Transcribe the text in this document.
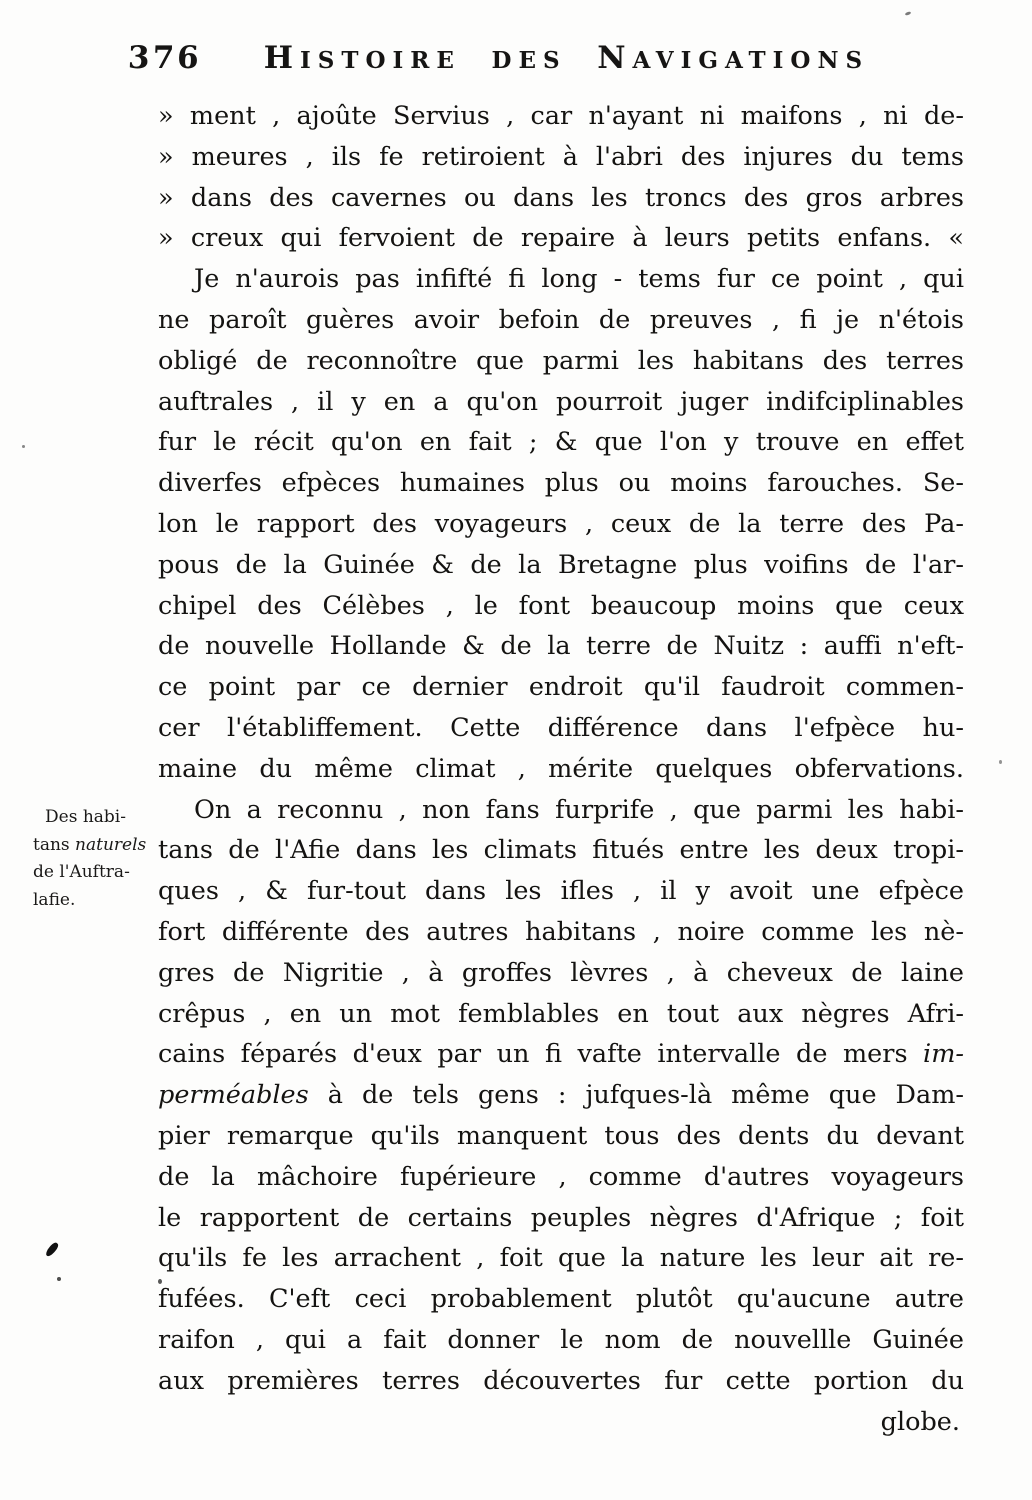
376 HISTOIRE DES NAVIGATIONS
Des habi-
tans naturels
de l'Auftra-
lafie.
» ment , ajoûte Servius , car n'ayant ni maifons , ni de-
» meures , ils fe retiroient à l'abri des injures du tems
» dans des cavernes ou dans les troncs des gros arbres
» creux qui fervoient de repaire à leurs petits enfans. «
Je n'aurois pas infifté fi long - tems fur ce point , qui
ne paroît guères avoir befoin de preuves , fi je n'étois
obligé de reconnoître que parmi les habitans des terres
auftrales , il y en a qu'on pourroit juger indifciplinables
fur le récit qu'on en fait ; & que l'on y trouve en effet
diverfes efpèces humaines plus ou moins farouches. Se-
lon le rapport des voyageurs , ceux de la terre des Pa-
pous de la Guinée & de la Bretagne plus voifins de l'ar-
chipel des Célèbes , le font beaucoup moins que ceux
de nouvelle Hollande & de la terre de Nuitz : auffi n'eft-
ce point par ce dernier endroit qu'il faudroit commen-
cer l'établiffement. Cette différence dans l'efpèce hu-
maine du même climat , mérite quelques obfervations.
On a reconnu , non fans furprife , que parmi les habi-
tans de l'Afie dans les climats fitués entre les deux tropi-
ques , & fur-tout dans les ifles , il y avoit une efpèce
fort différente des autres habitans , noire comme les nè-
gres de Nigritie , à groffes lèvres , à cheveux de laine
crêpus , en un mot femblables en tout aux nègres Afri-
cains féparés d'eux par un fi vafte intervalle de mers im-
perméables à de tels gens : jufques-là même que Dam-
pier remarque qu'ils manquent tous des dents du devant
de la mâchoire fupérieure , comme d'autres voyageurs
le rapportent de certains peuples nègres d'Afrique ; foit
qu'ils fe les arrachent , foit que la nature les leur ait re-
fufées. C'eft ceci probablement plutôt qu'aucune autre
raifon , qui a fait donner le nom de nouvellle Guinée
aux premières terres découvertes fur cette portion du
globe.
